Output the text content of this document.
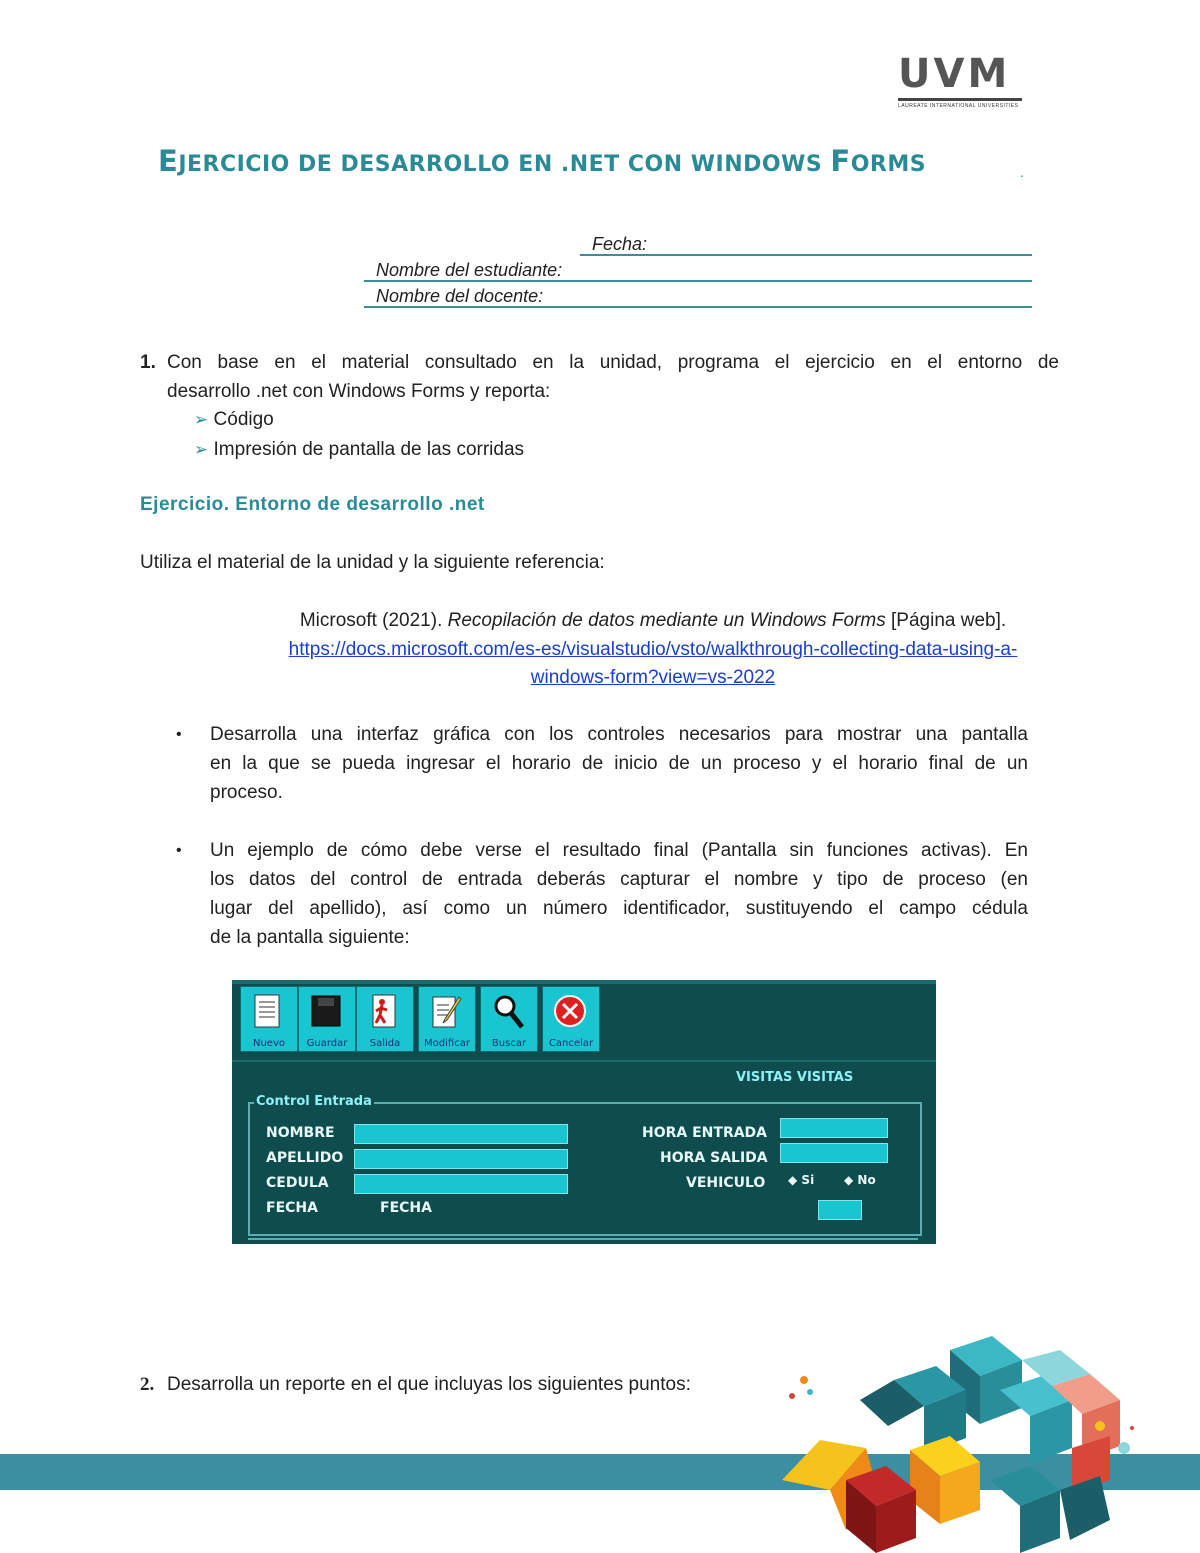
UVM
LAUREATE INTERNATIONAL UNIVERSITIES
EJERCICIO DE DESARROLLO EN .NET CON WINDOWS FORMS	.
Fecha:
Nombre del estudiante:
Nombre del docente:
1. Con base en el material consultado en la unidad, programa el ejercicio en el entorno de
desarrollo .net con Windows Forms y reporta:
➢ Código
➢ Impresión de pantalla de las corridas
Ejercicio. Entorno de desarrollo .net
Utiliza el material de la unidad y la siguiente referencia:
Microsoft (2021). Recopilación de datos mediante un Windows Forms [Página web].
https://docs.microsoft.com/es-es/visualstudio/vsto/walkthrough-collecting-data-using-a-
windows-form?view=vs-2022
• Desarrolla una interfaz gráfica con los controles necesarios para mostrar una pantalla
en la que se pueda ingresar el horario de inicio de un proceso y el horario final de un
proceso.
• Un ejemplo de cómo debe verse el resultado final (Pantalla sin funciones activas). En
los datos del control de entrada deberás capturar el nombre y tipo de proceso (en
lugar del apellido), así como un número identificador, sustituyendo el campo cédula
de la pantalla siguiente:
Nuevo	Guardar	Salida	Modificar	Buscar	Cancelar
VISITAS VISITAS
Control Entrada
NOMBRE
APELLIDO
CEDULA
FECHA	FECHA
HORA ENTRADA
HORA SALIDA
VEHICULO ◆ Si ◆ No
2. Desarrolla un reporte en el que incluyas los siguientes puntos:
